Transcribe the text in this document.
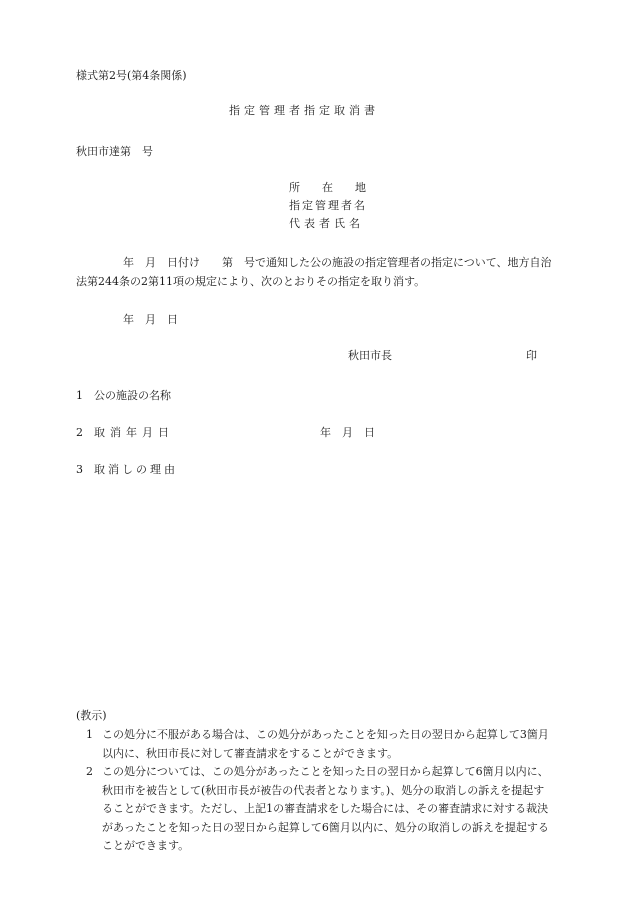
様式第2号(第4条関係)
指定管理者指定取消書
秋田市達第　号
所　　在　　地
指定管理者名
代表者氏名
年　月　日付け　　第　号で通知した公の施設の指定管理者の指定について、地方自治法第244条の2第11項の規定により、次のとおりその指定を取り消す。
年　月　日
秋田市長	印
1 公の施設の名称
2 取消年月日	年　月　日
3 取消しの理由
(教示)
1 この処分に不服がある場合は、この処分があったことを知った日の翌日から起算して3箇月以内に、秋田市長に対して審査請求をすることができます。
2 この処分については、この処分があったことを知った日の翌日から起算して6箇月以内に、秋田市を被告として(秋田市長が被告の代表者となります。)、処分の取消しの訴えを提起することができます。ただし、上記1の審査請求をした場合には、その審査請求に対する裁決があったことを知った日の翌日から起算して6箇月以内に、処分の取消しの訴えを提起することができます。
